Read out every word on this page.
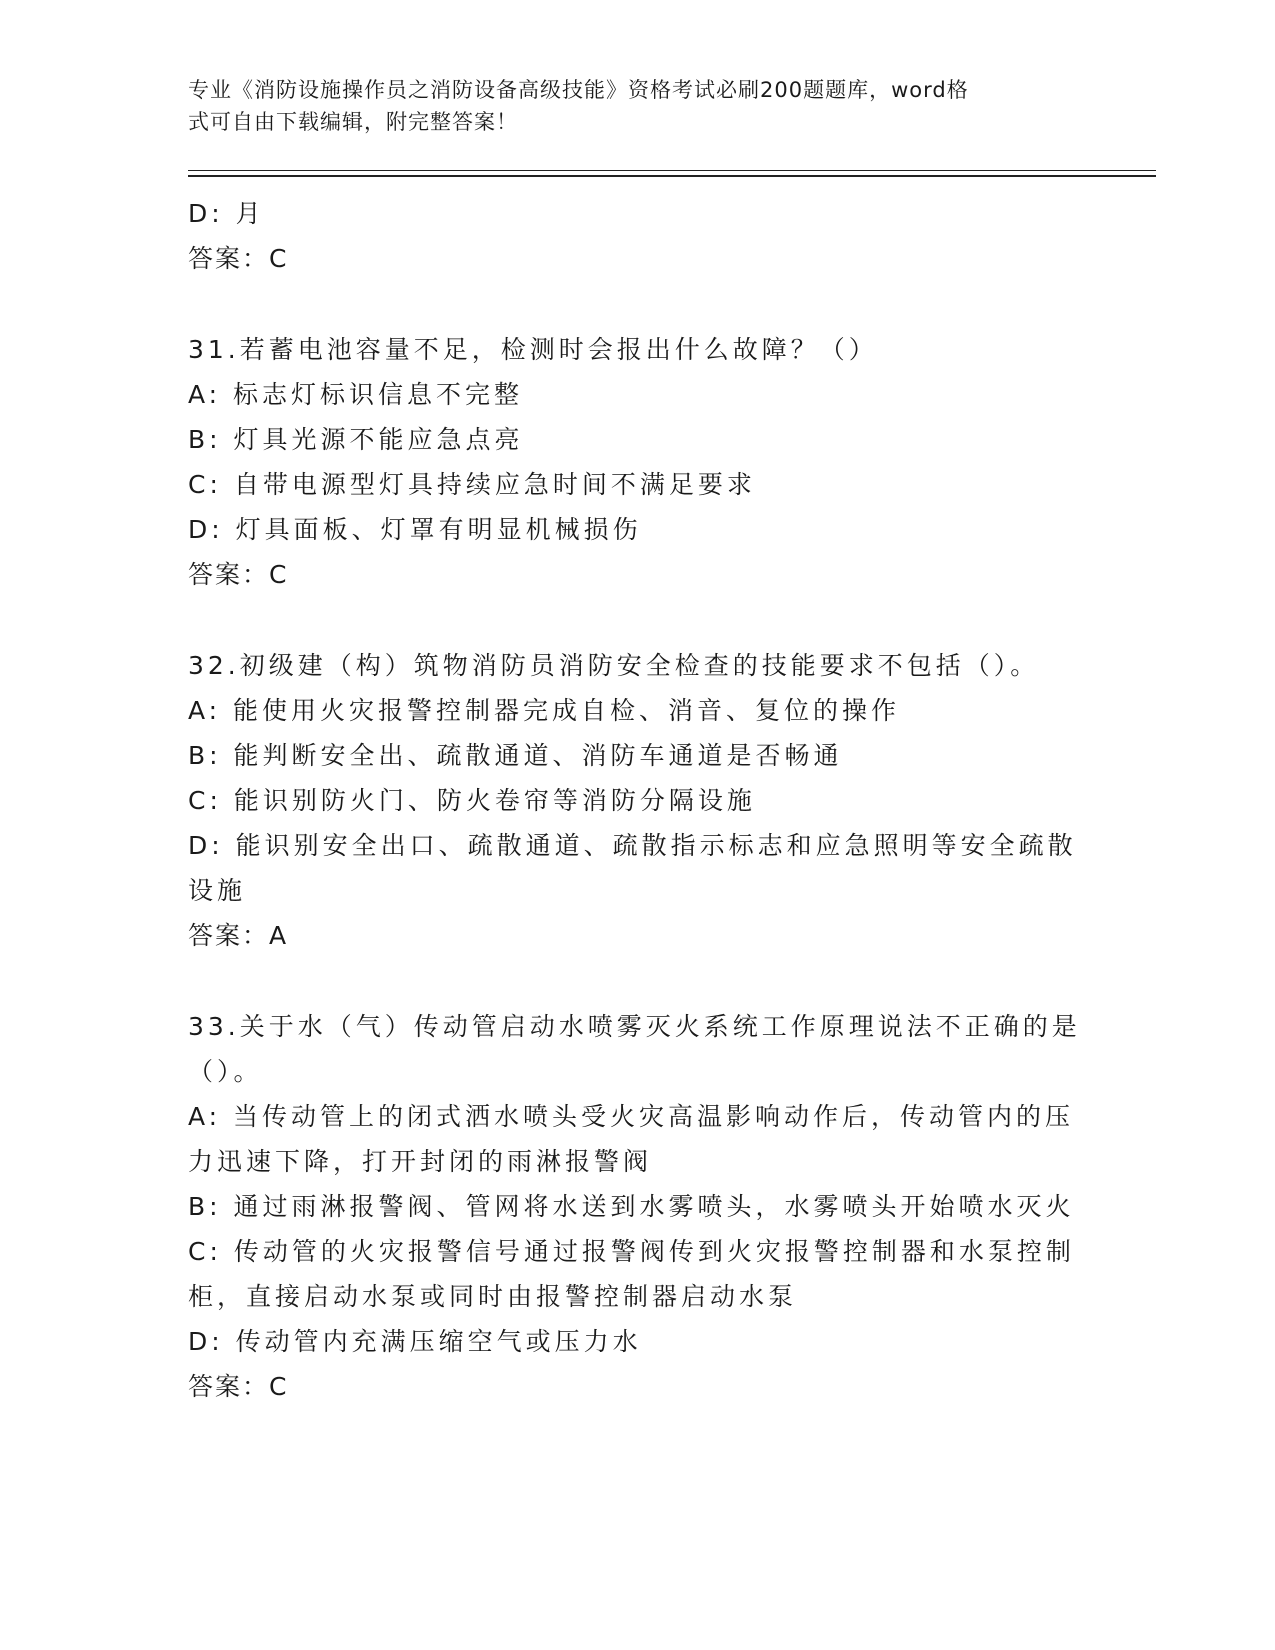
专业《消防设施操作员之消防设备高级技能》资格考试必刷200题题库，word格
式可自由下载编辑，附完整答案！

D: 月

答案：C

31.若蓄电池容量不足，检测时会报出什么故障？（）

A: 标志灯标识信息不完整

B: 灯具光源不能应急点亮

C: 自带电源型灯具持续应急时间不满足要求

D: 灯具面板、灯罩有明显机械损伤

答案：C

32.初级建（构）筑物消防员消防安全检查的技能要求不包括（）。

A: 能使用火灾报警控制器完成自检、消音、复位的操作

B: 能判断安全出、疏散通道、消防车通道是否畅通

C: 能识别防火门、防火卷帘等消防分隔设施

D: 能识别安全出口、疏散通道、疏散指示标志和应急照明等安全疏散

设施

答案：A

33.关于水（气）传动管启动水喷雾灭火系统工作原理说法不正确的是

（）。

A: 当传动管上的闭式洒水喷头受火灾高温影响动作后，传动管内的压

力迅速下降，打开封闭的雨淋报警阀

B: 通过雨淋报警阀、管网将水送到水雾喷头，水雾喷头开始喷水灭火

C: 传动管的火灾报警信号通过报警阀传到火灾报警控制器和水泵控制

柜，直接启动水泵或同时由报警控制器启动水泵

D: 传动管内充满压缩空气或压力水

答案：C
